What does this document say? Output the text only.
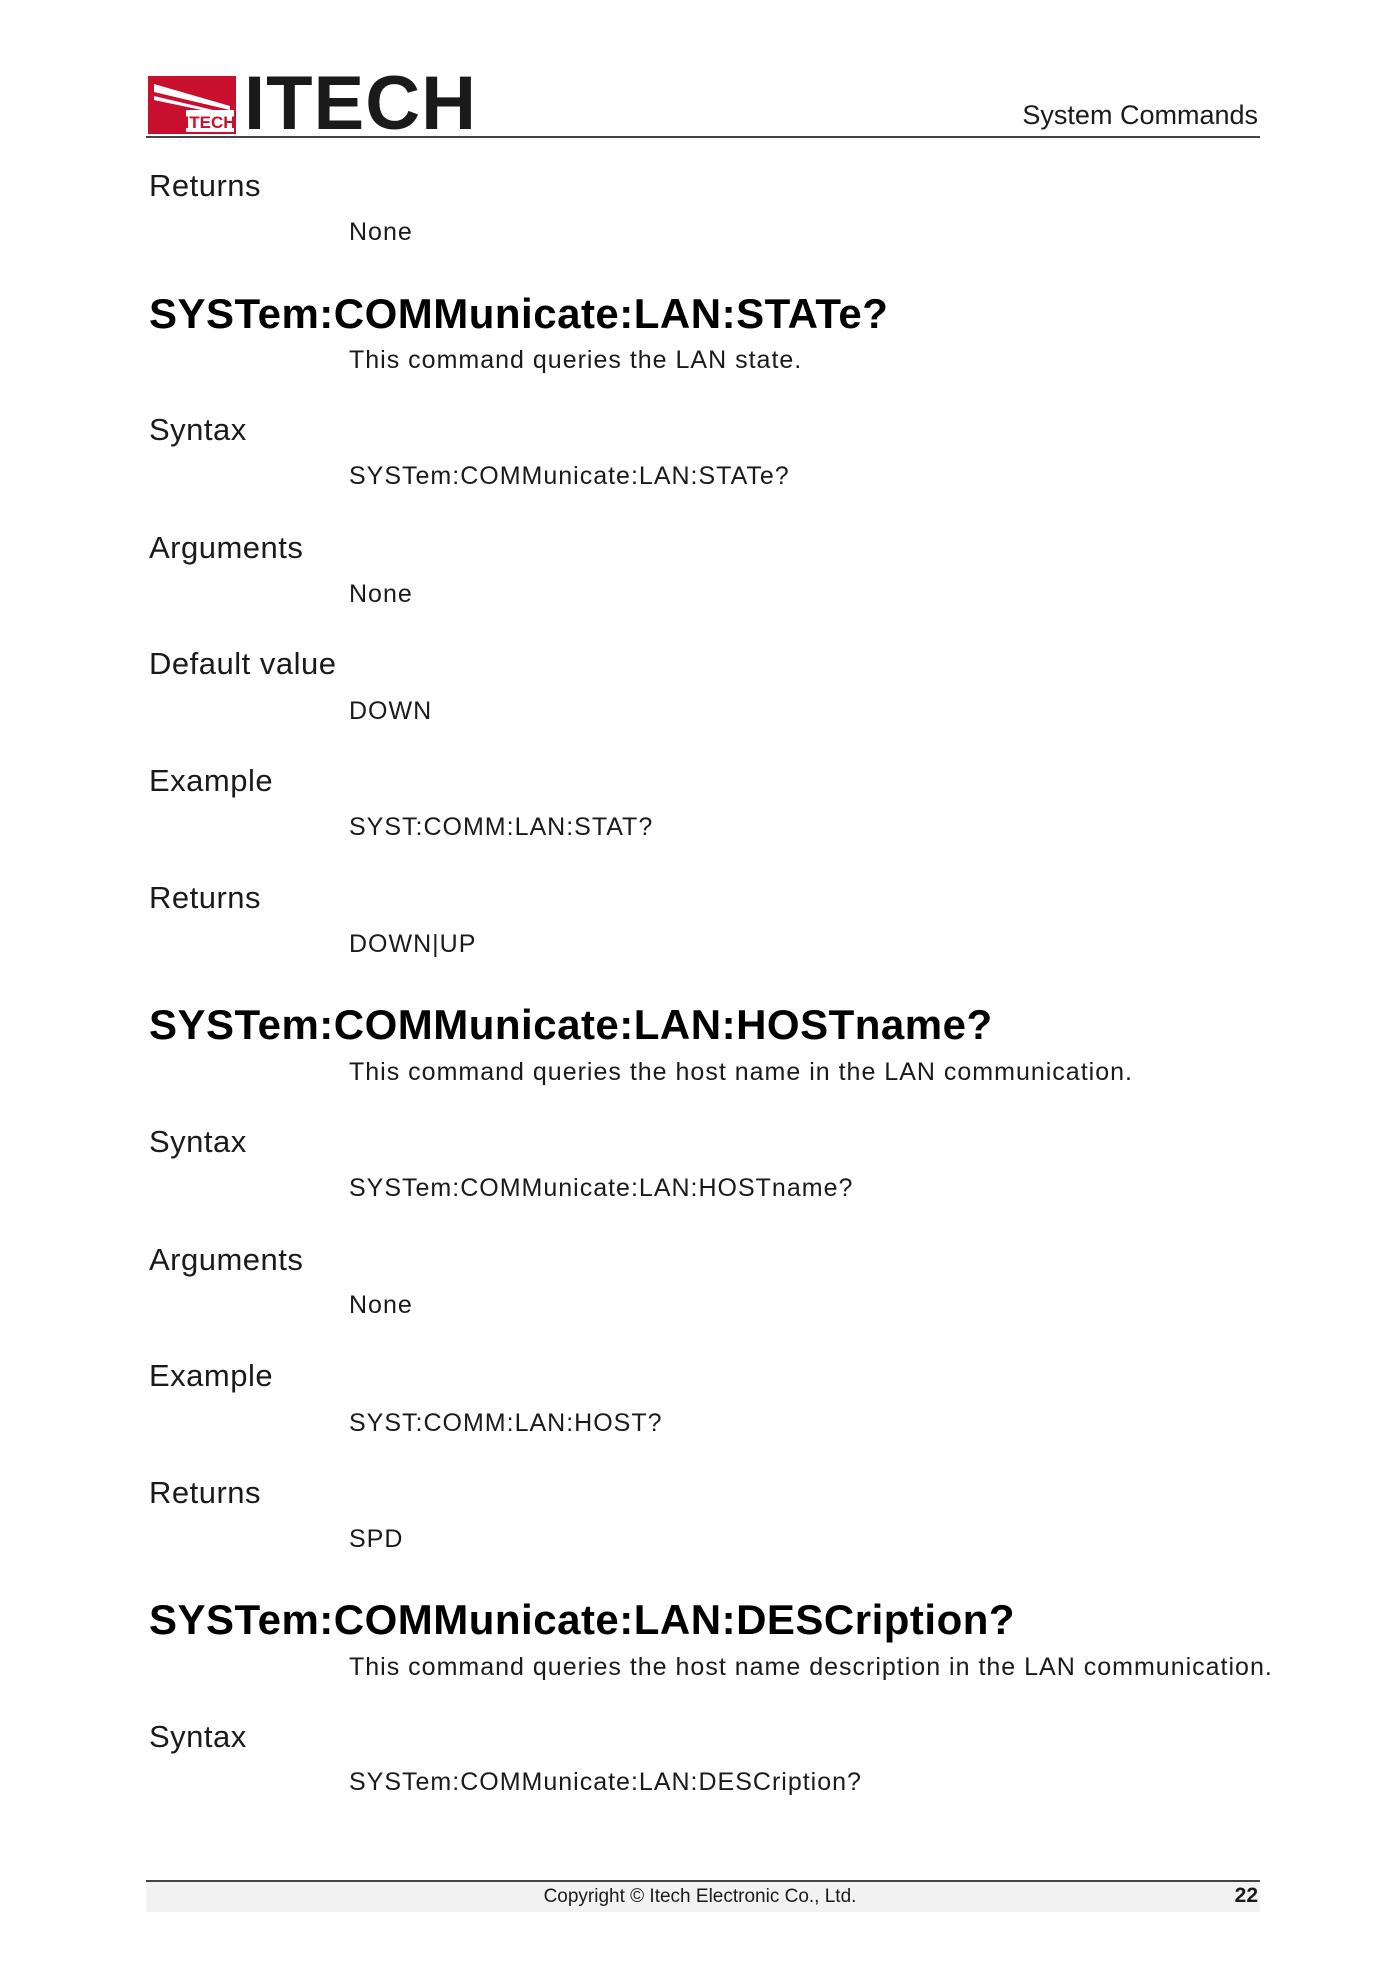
ITECH ITECH	System Commands
Returns
None
SYSTem:COMMunicate:LAN:STATe?
This command queries the LAN state.
Syntax
SYSTem:COMMunicate:LAN:STATe?
Arguments
None
Default value
DOWN
Example
SYST:COMM:LAN:STAT?
Returns
DOWN|UP
SYSTem:COMMunicate:LAN:HOSTname?
This command queries the host name in the LAN communication.
Syntax
SYSTem:COMMunicate:LAN:HOSTname?
Arguments
None
Example
SYST:COMM:LAN:HOST?
Returns
SPD
SYSTem:COMMunicate:LAN:DESCription?
This command queries the host name description in the LAN communication.
Syntax
SYSTem:COMMunicate:LAN:DESCription?
Copyright © Itech Electronic Co., Ltd.	22
